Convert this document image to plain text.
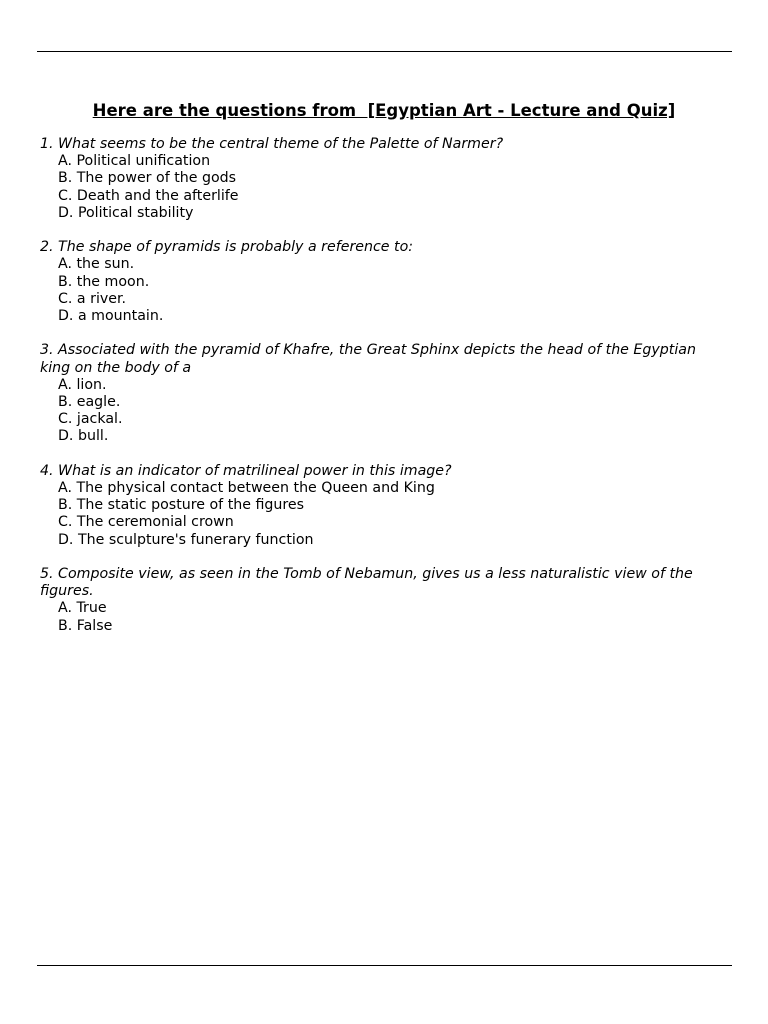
Here are the questions from  [Egyptian Art - Lecture and Quiz]
1. What seems to be the central theme of the Palette of Narmer?
A. Political unification
B. The power of the gods
C. Death and the afterlife
D. Political stability
2. The shape of pyramids is probably a reference to:
A. the sun.
B. the moon.
C. a river.
D. a mountain.
3. Associated with the pyramid of Khafre, the Great Sphinx depicts the head of the Egyptian king on the body of a
A. lion.
B. eagle.
C. jackal.
D. bull.
4. What is an indicator of matrilineal power in this image?
A. The physical contact between the Queen and King
B. The static posture of the figures
C. The ceremonial crown
D. The sculpture's funerary function
5. Composite view, as seen in the Tomb of Nebamun, gives us a less naturalistic view of the figures.
A. True
B. False
